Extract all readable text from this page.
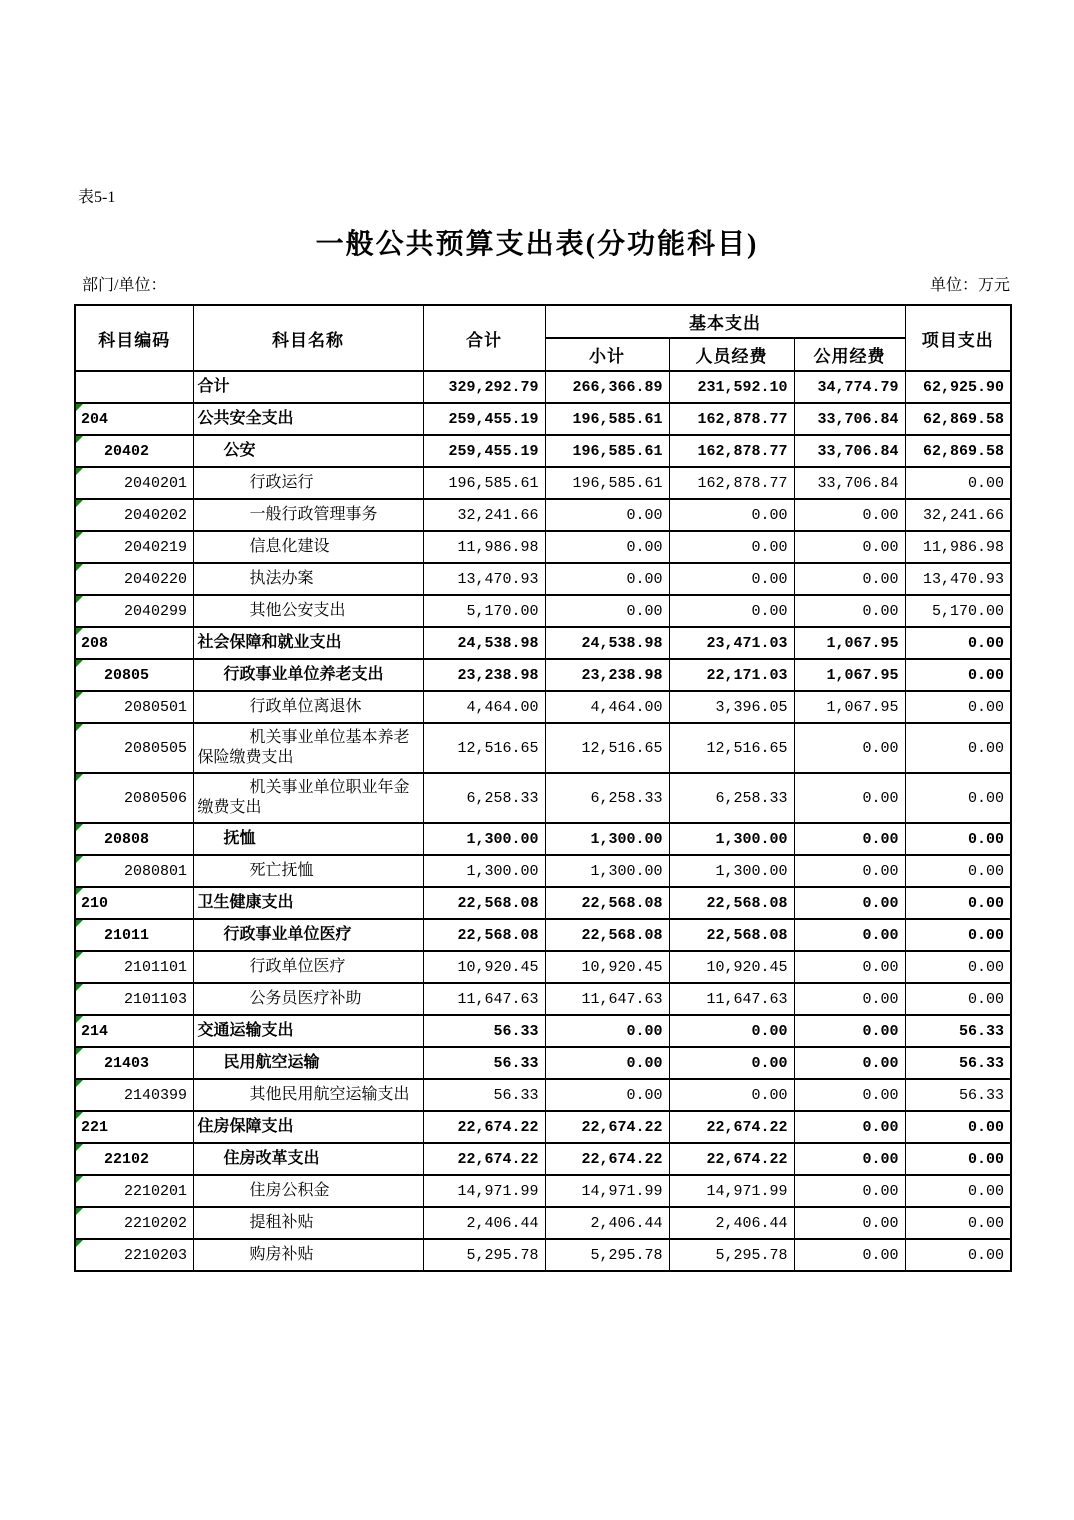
表5-1
一般公共预算支出表(分功能科目)
部门/单位：	单位：万元
科目编码	科目名称	合计	基本支出			项目支出
			小计	人员经费	公用经费	
	合计	329,292.79	266,366.89	231,592.10	34,774.79	62,925.90

204	公共安全支出	259,455.19	196,585.61	162,878.77	33,706.84	62,869.58

20402	公安	259,455.19	196,585.61	162,878.77	33,706.84	62,869.58

2040201	行政运行	196,585.61	196,585.61	162,878.77	33,706.84	0.00

2040202	一般行政管理事务	32,241.66	0.00	0.00	0.00	32,241.66

2040219	信息化建设	11,986.98	0.00	0.00	0.00	11,986.98

2040220	执法办案	13,470.93	0.00	0.00	0.00	13,470.93

2040299	其他公安支出	5,170.00	0.00	0.00	0.00	5,170.00

208	社会保障和就业支出	24,538.98	24,538.98	23,471.03	1,067.95	0.00

20805	行政事业单位养老支出	23,238.98	23,238.98	22,171.03	1,067.95	0.00

2080501	行政单位离退休	4,464.00	4,464.00	3,396.05	1,067.95	0.00

2080505	机关事业单位基本养老保险缴费支出	12,516.65	12,516.65	12,516.65	0.00	0.00

2080506	机关事业单位职业年金缴费支出	6,258.33	6,258.33	6,258.33	0.00	0.00

20808	抚恤	1,300.00	1,300.00	1,300.00	0.00	0.00

2080801	死亡抚恤	1,300.00	1,300.00	1,300.00	0.00	0.00

210	卫生健康支出	22,568.08	22,568.08	22,568.08	0.00	0.00

21011	行政事业单位医疗	22,568.08	22,568.08	22,568.08	0.00	0.00

2101101	行政单位医疗	10,920.45	10,920.45	10,920.45	0.00	0.00

2101103	公务员医疗补助	11,647.63	11,647.63	11,647.63	0.00	0.00

214	交通运输支出	56.33	0.00	0.00	0.00	56.33

21403	民用航空运输	56.33	0.00	0.00	0.00	56.33

2140399	其他民用航空运输支出	56.33	0.00	0.00	0.00	56.33

221	住房保障支出	22,674.22	22,674.22	22,674.22	0.00	0.00

22102	住房改革支出	22,674.22	22,674.22	22,674.22	0.00	0.00

2210201	住房公积金	14,971.99	14,971.99	14,971.99	0.00	0.00

2210202	提租补贴	2,406.44	2,406.44	2,406.44	0.00	0.00

2210203	购房补贴	5,295.78	5,295.78	5,295.78	0.00	0.00
